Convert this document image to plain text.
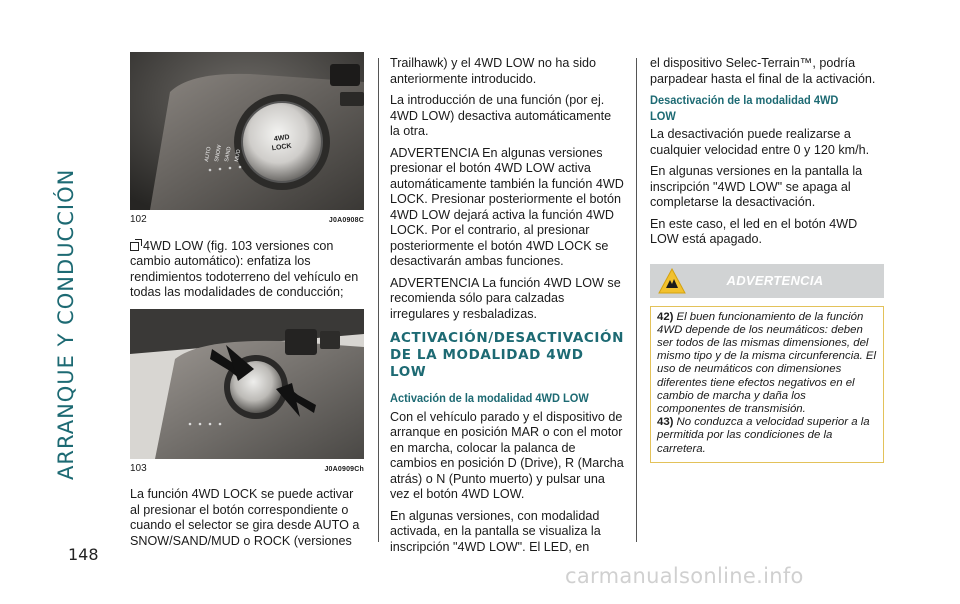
ARRANQUE Y CONDUCCIÓN
148
4WD
LOCK
AUTO SNOW SAND MUD
102	J0A0908C

4WD LOW (fig. 103 versiones con cambio automático): enfatiza los rendimientos todoterreno del vehículo en todas las modalidades de conducción;

103	J0A0909Ch

La función 4WD LOCK se puede activar al presionar el botón correspondiente o cuando el selector se gira desde AUTO a SNOW/SAND/MUD o ROCK (versiones

Trailhawk) y el 4WD LOW no ha sido anteriormente introducido.

La introducción de una función (por ej. 4WD LOW) desactiva automáticamente la otra.

ADVERTENCIA En algunas versiones presionar el botón 4WD LOW activa automáticamente también la función 4WD LOCK. Presionar posteriormente el botón 4WD LOW dejará activa la función 4WD LOCK. Por el contrario, al presionar posteriormente el botón 4WD LOCK se desactivarán ambas funciones.

ADVERTENCIA La función 4WD LOW se recomienda sólo para calzadas irregulares y resbaladizas.

ACTIVACIÓN/DESACTIVACIÓN
DE LA MODALIDAD 4WD LOW
Activación de la modalidad 4WD LOW

Con el vehículo parado y el dispositivo de arranque en posición MAR o con el motor en marcha, colocar la palanca de cambios en posición D (Drive), R (Marcha atrás) o N (Punto muerto) y pulsar una vez el botón 4WD LOW.

En algunas versiones, con modalidad activada, en la pantalla se visualiza la inscripción "4WD LOW". El LED, en

el dispositivo Selec-Terrain™, podría parpadear hasta el final de la activación.

Desactivación de la modalidad 4WD LOW

La desactivación puede realizarse a cualquier velocidad entre 0 y 120 km/h.

En algunas versiones en la pantalla la inscripción "4WD LOW" se apaga al completarse la desactivación.

En este caso, el led en el botón 4WD LOW está apagado.

ADVERTENCIA

42) El buen funcionamiento de la función 4WD depende de los neumáticos: deben ser todos de las mismas dimensiones, del mismo tipo y de la misma circunferencia. El uso de neumáticos con dimensiones diferentes tiene efectos negativos en el cambio de marcha y daña los componentes de transmisión.

43) No conduzca a velocidad superior a la permitida por las condiciones de la carretera.

carmanualsonline.info
